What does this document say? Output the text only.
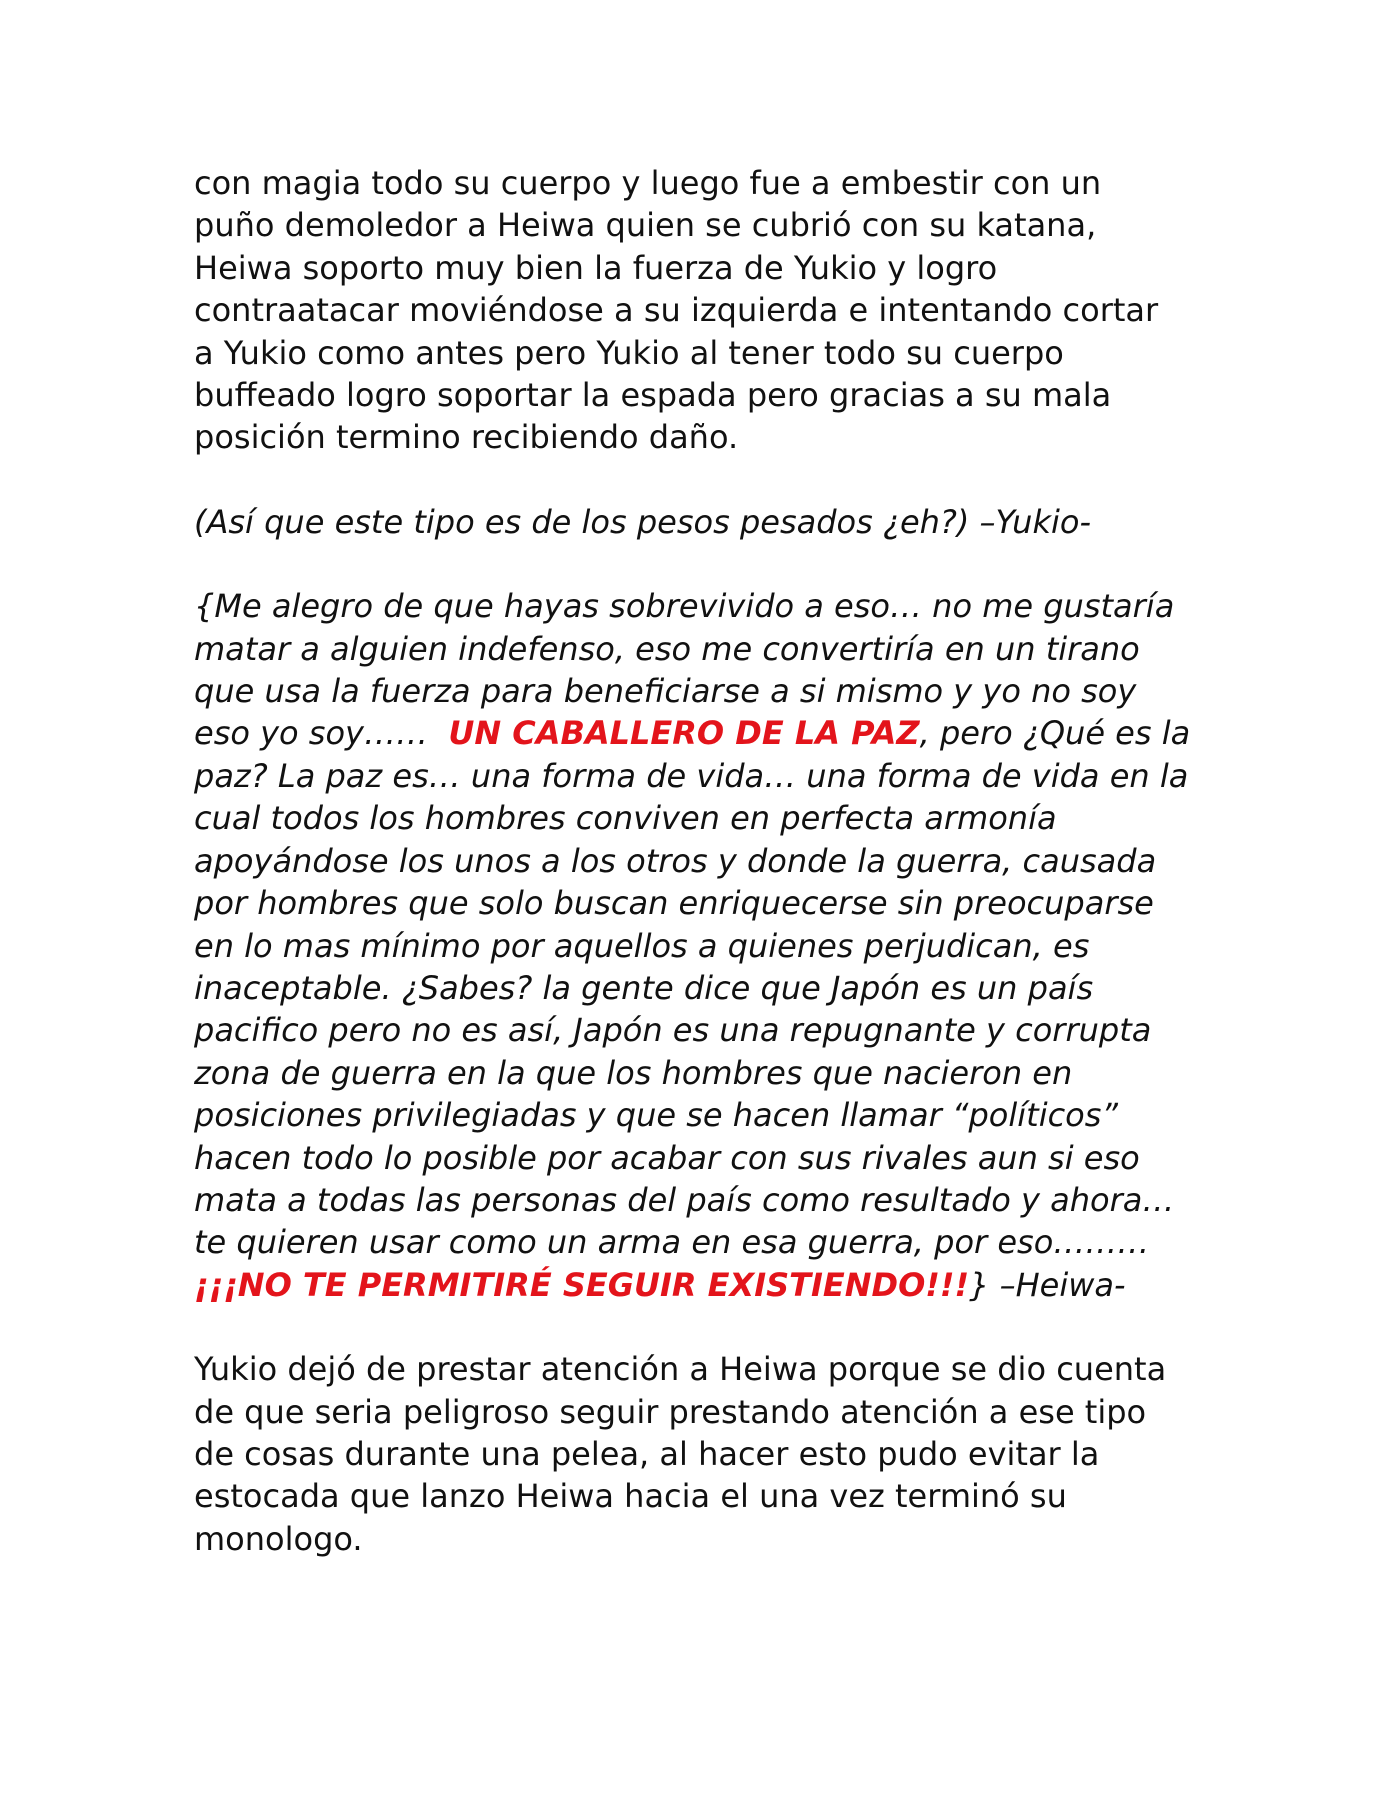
con magia todo su cuerpo y luego fue a embestir con un
puño demoledor a Heiwa quien se cubrió con su katana,
Heiwa soporto muy bien la fuerza de Yukio y logro
contraatacar moviéndose a su izquierda e intentando cortar
a Yukio como antes pero Yukio al tener todo su cuerpo
buffeado logro soportar la espada pero gracias a su mala
posición termino recibiendo daño.
(Así que este tipo es de los pesos pesados ¿eh?) –Yukio-
{Me alegro de que hayas sobrevivido a eso… no me gustaría
matar a alguien indefenso, eso me convertiría en un tirano
que usa la fuerza para beneficiarse a si mismo y yo no soy
eso yo soy……  UN CABALLERO DE LA PAZ, pero ¿Qué es la
paz? La paz es… una forma de vida… una forma de vida en la
cual todos los hombres conviven en perfecta armonía
apoyándose los unos a los otros y donde la guerra, causada
por hombres que solo buscan enriquecerse sin preocuparse
en lo mas mínimo por aquellos a quienes perjudican, es
inaceptable. ¿Sabes? la gente dice que Japón es un país
pacifico pero no es así, Japón es una repugnante y corrupta
zona de guerra en la que los hombres que nacieron en
posiciones privilegiadas y que se hacen llamar “políticos”
hacen todo lo posible por acabar con sus rivales aun si eso
mata a todas las personas del país como resultado y ahora…
te quieren usar como un arma en esa guerra, por eso………
¡¡¡NO TE PERMITIRÉ SEGUIR EXISTIENDO!!!} –Heiwa-
Yukio dejó de prestar atención a Heiwa porque se dio cuenta
de que seria peligroso seguir prestando atención a ese tipo
de cosas durante una pelea, al hacer esto pudo evitar la
estocada que lanzo Heiwa hacia el una vez terminó su
monologo.
